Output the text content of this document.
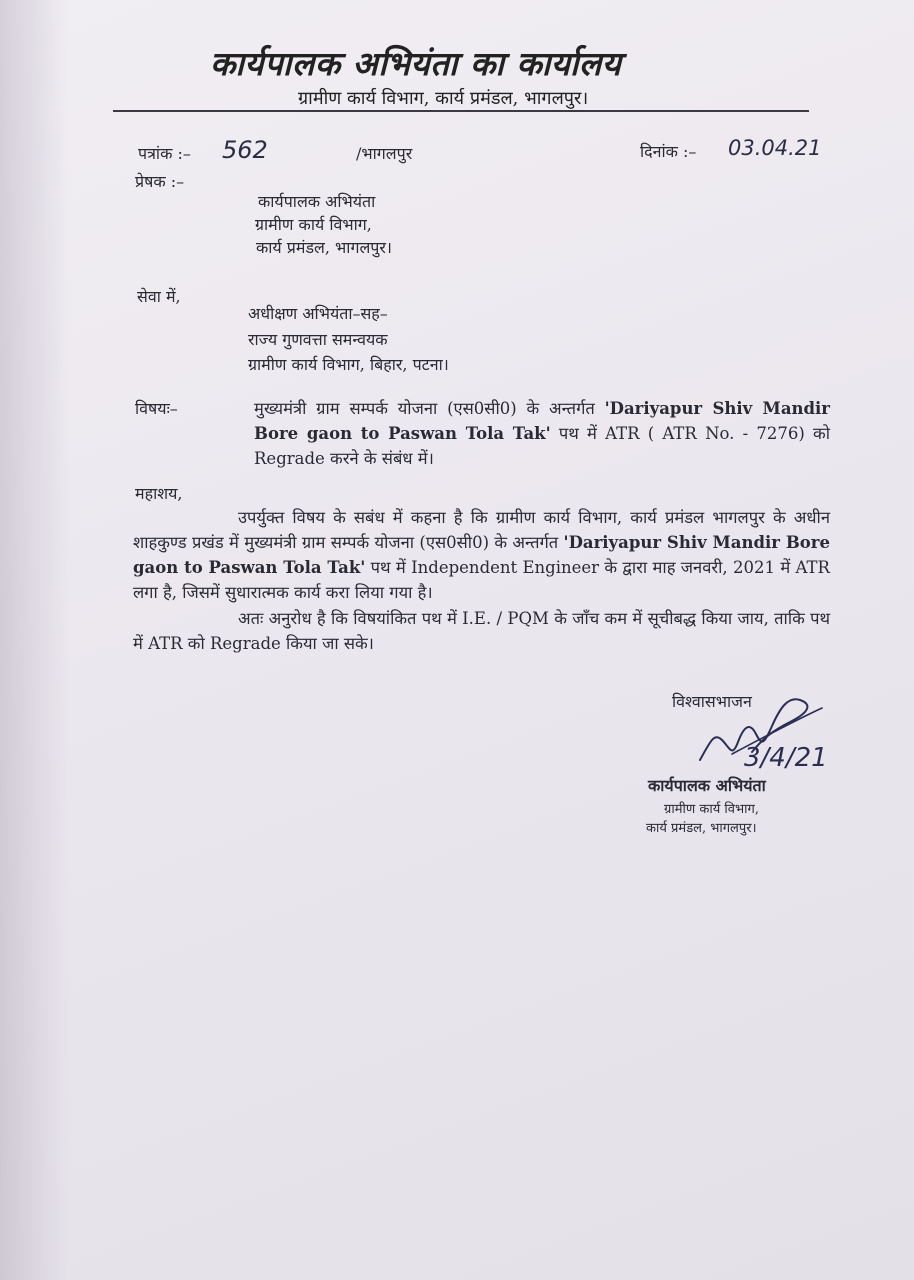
कार्यपालक अभियंता का कार्यालय
ग्रामीण कार्य विभाग, कार्य प्रमंडल, भागलपुर।
पत्रांक :– 562	/भागलपुर	दिनांक :– 03.04.21
प्रेषक :–
कार्यपालक अभियंता
ग्रामीण कार्य विभाग,
कार्य प्रमंडल, भागलपुर।
सेवा में,
अधीक्षण अभियंता–सह–
राज्य गुणवत्ता समन्वयक
ग्रामीण कार्य विभाग, बिहार, पटना।
विषयः–	मुख्यमंत्री ग्राम सम्पर्क योजना (एस0सी0) के अन्तर्गत 'Dariyapur Shiv Mandir Bore gaon to Paswan Tola Tak' पथ में ATR ( ATR No. - 7276) को Regrade करने के संबंध में।
महाशय,
उपर्युक्त विषय के सबंध में कहना है कि ग्रामीण कार्य विभाग, कार्य प्रमंडल भागलपुर के अधीन शाहकुण्ड प्रखंड में मुख्यमंत्री ग्राम सम्पर्क योजना (एस0सी0) के अन्तर्गत 'Dariyapur Shiv Mandir Bore gaon to Paswan Tola Tak' पथ में Independent Engineer के द्वारा माह जनवरी, 2021 में ATR लगा है, जिसमें सुधारात्मक कार्य करा लिया गया है।
अतः अनुरोध है कि विषयांकित पथ में I.E. / PQM के जाँच कम में सूचीबद्ध किया जाय, ताकि पथ में ATR को Regrade किया जा सके।
विश्वासभाजन
3/4/21
कार्यपालक अभियंता
ग्रामीण कार्य विभाग,
कार्य प्रमंडल, भागलपुर।
